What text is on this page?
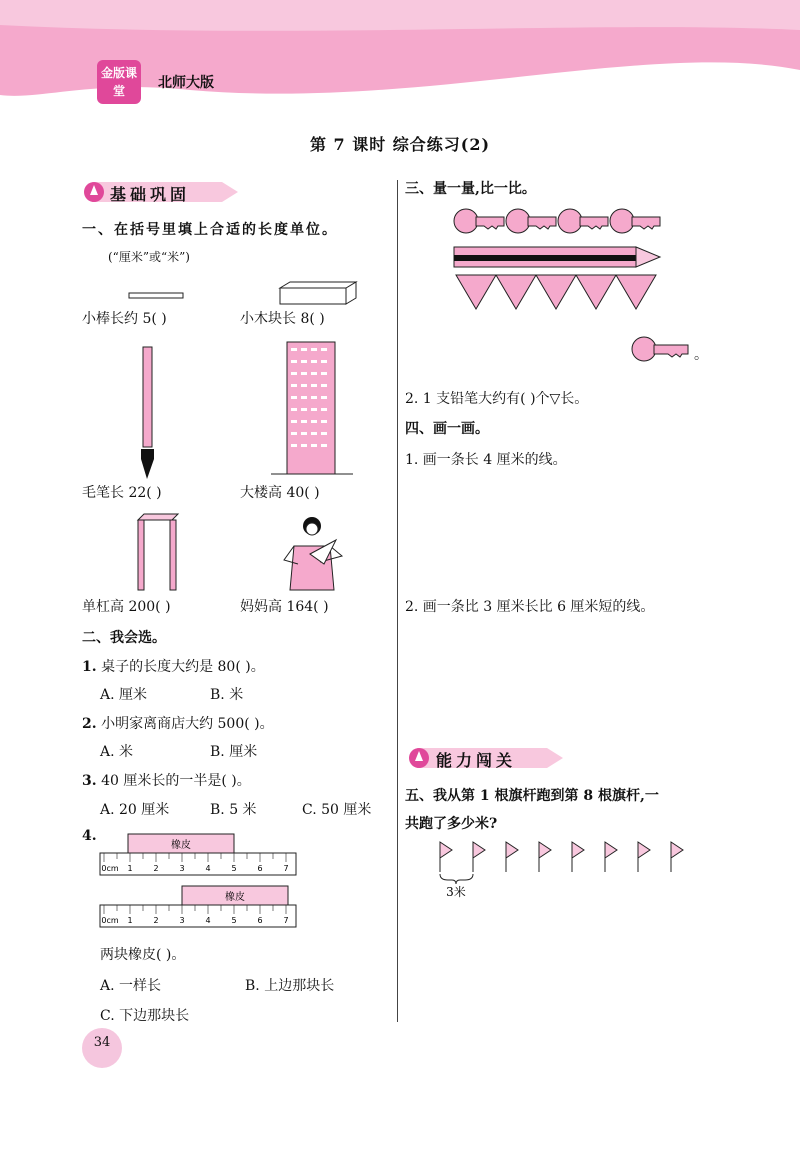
金版课堂	北师大版
第 7 课时 综合练习(2)
基础巩固
一、在括号里填上合适的长度单位。
(“厘米”或“米”)
小棒长约 5( )	小木块长 8( )
毛笔长 22( )	大楼高 40( )
单杠高 200( )	妈妈高 164( )
二、我会选。
1. 桌子的长度大约是 80( )。
A. 厘米	B. 米
2. 小明家离商店大约 500( )。
A. 米	B. 厘米
3. 40 厘米长的一半是( )。
A. 20 厘米	B. 5 米	C. 50 厘米
4.
橡皮
0cm 1	2	3	4	5	6	7
橡皮
0cm 1	2	3	4	5	6	7
两块橡皮( )。
A. 一样长	B. 上边那块长
C. 下边那块长
34
三、量一量,比一比。
。
2. 1 支铅笔大约有( )个▽长。
四、画一画。
1. 画一条长 4 厘米的线。
2. 画一条比 3 厘米长比 6 厘米短的线。
能力闯关
五、我从第 1 根旗杆跑到第 8 根旗杆,一
共跑了多少米?
3米
